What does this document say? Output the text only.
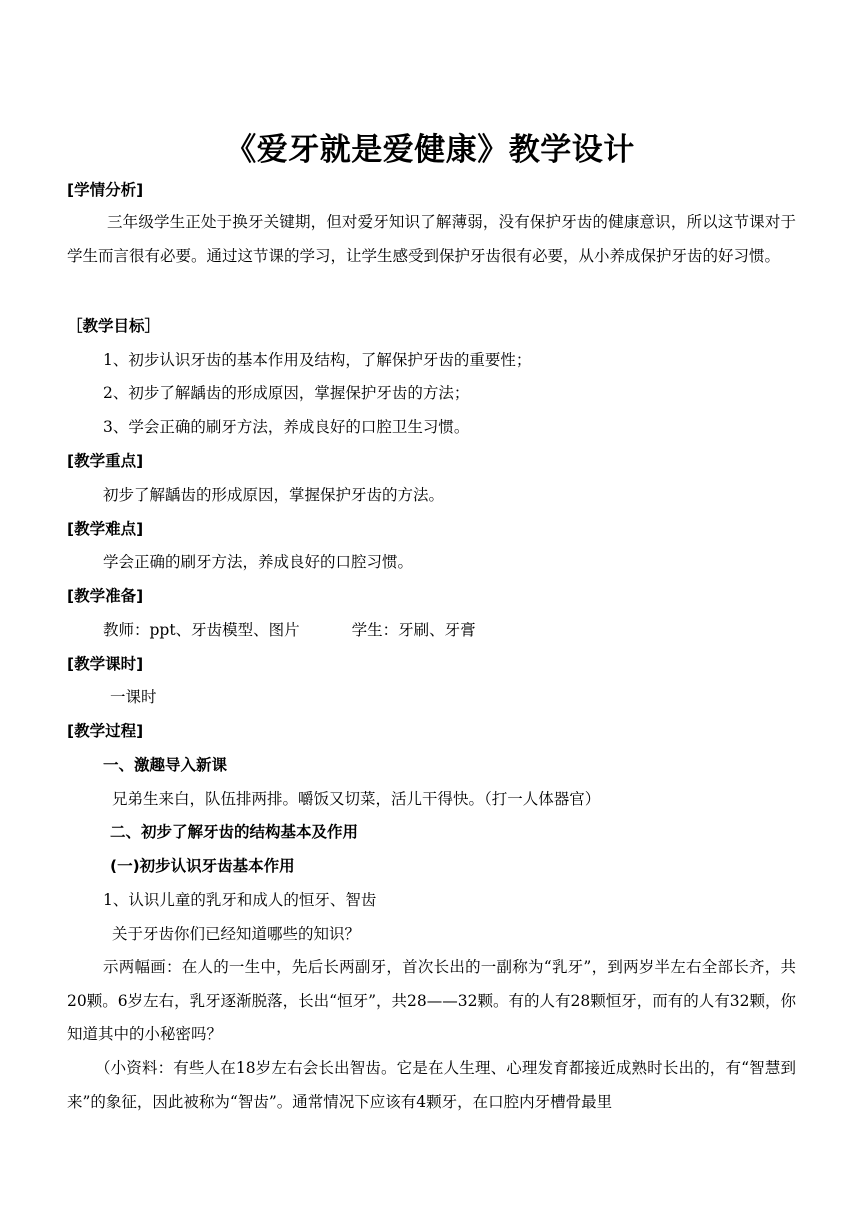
《爱牙就是爱健康》教学设计
[学情分析]

三年级学生正处于换牙关键期，但对爱牙知识了解薄弱，没有保护牙齿的健康意识，所以这节课对于学生而言很有必要。通过这节课的学习，让学生感受到保护牙齿很有必要，从小养成保护牙齿的好习惯。

［教学目标］
1、初步认识牙齿的基本作用及结构，了解保护牙齿的重要性；
2、初步了解龋齿的形成原因，掌握保护牙齿的方法；
3、学会正确的刷牙方法，养成良好的口腔卫生习惯。
[教学重点]
初步了解龋齿的形成原因，掌握保护牙齿的方法。
[教学难点]
学会正确的刷牙方法，养成良好的口腔习惯。
[教学准备]
教师：ppt、牙齿模型、图片	学生：牙刷、牙膏
[教学课时]
一课时
[教学过程]
一、激趣导入新课
兄弟生来白，队伍排两排。嚼饭又切菜，活儿干得快。（打一人体器官）
二、初步了解牙齿的结构基本及作用
(一)初步认识牙齿基本作用
1、认识儿童的乳牙和成人的恒牙、智齿
关于牙齿你们已经知道哪些的知识？

示两幅画：在人的一生中，先后长两副牙，首次长出的一副称为“乳牙”，到两岁半左右全部长齐，共20颗。6岁左右，乳牙逐渐脱落，长出“恒牙”，共28——32颗。有的人有28颗恒牙，而有的人有32颗，你知道其中的小秘密吗？

（小资料：有些人在18岁左右会长出智齿。它是在人生理、心理发育都接近成熟时长出的，有“智慧到来”的象征，因此被称为“智齿”。通常情况下应该有4颗牙，在口腔内牙槽骨最里
